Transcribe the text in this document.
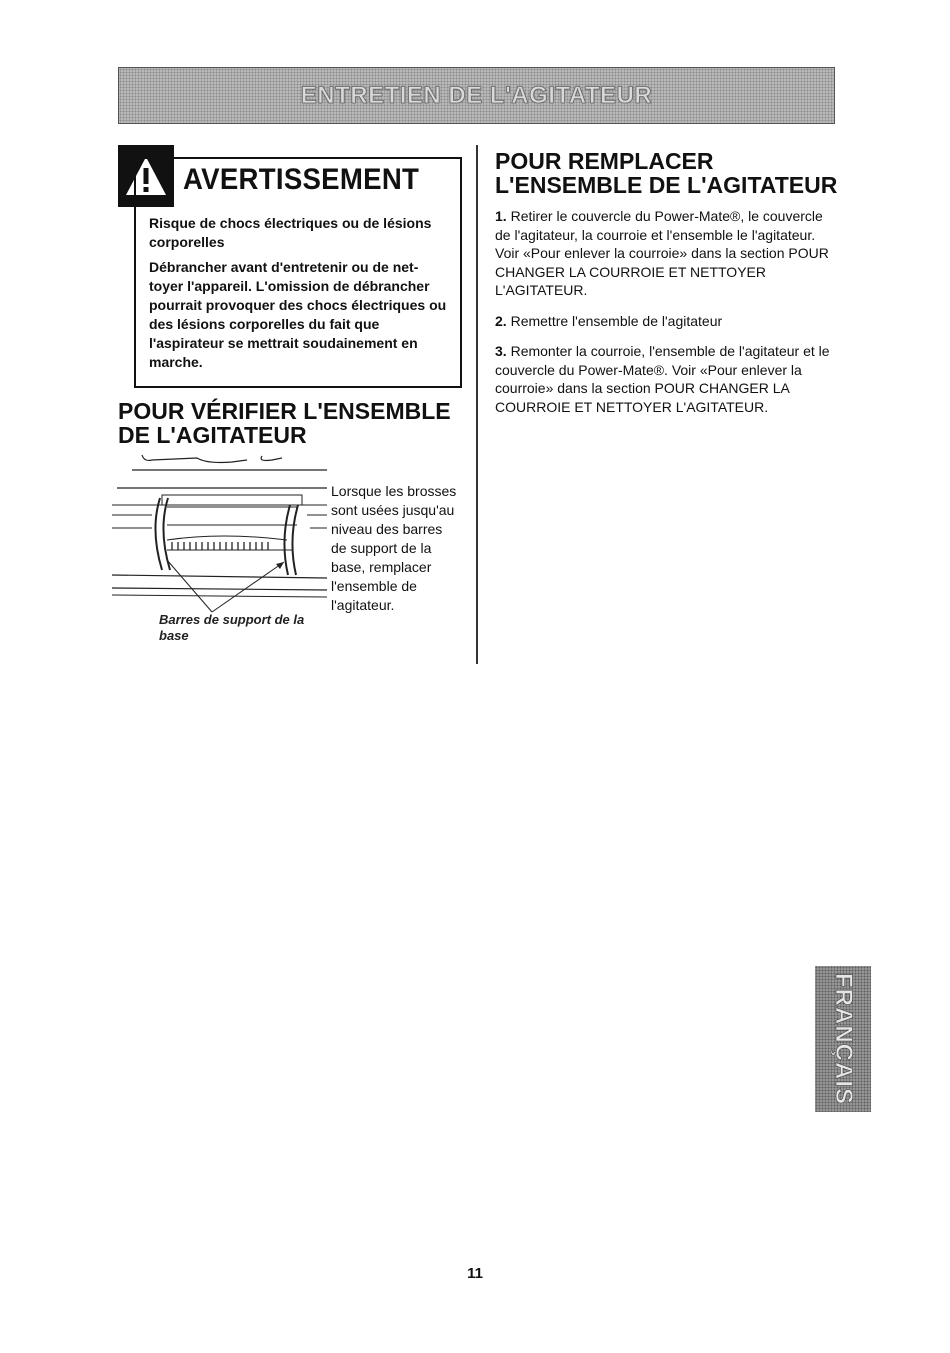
ENTRETIEN DE L'AGITATEUR
AVERTISSEMENT

Risque de chocs électriques ou de lésions corporelles

Débrancher avant d'entretenir ou de net-toyer l'appareil. L'omission de débrancher pourrait provoquer des chocs électriques ou des lésions corporelles du fait que l'aspirateur se mettrait soudainement en marche.

POUR VÉRIFIER L'ENSEMBLE DE L'AGITATEUR
Barres de support de la base
Lorsque les brosses sont usées jusqu'au niveau des barres de support de la base, remplacer l'ensemble de l'agitateur.
POUR REMPLACER L'ENSEMBLE DE L'AGITATEUR
1. Retirer le couvercle du Power-Mate®, le couvercle de l'agitateur, la courroie et l'ensemble le l'agitateur. Voir «Pour enlever la courroie» dans la section POUR CHANGER LA COURROIE ET NETTOYER L'AGITATEUR.
2. Remettre l'ensemble de l'agitateur
3. Remonter la courroie, l'ensemble de l'agitateur et le couvercle du Power-Mate®. Voir «Pour enlever la courroie» dans la section POUR CHANGER LA COURROIE ET NETTOYER L'AGITATEUR.
FRANÇAIS
11
